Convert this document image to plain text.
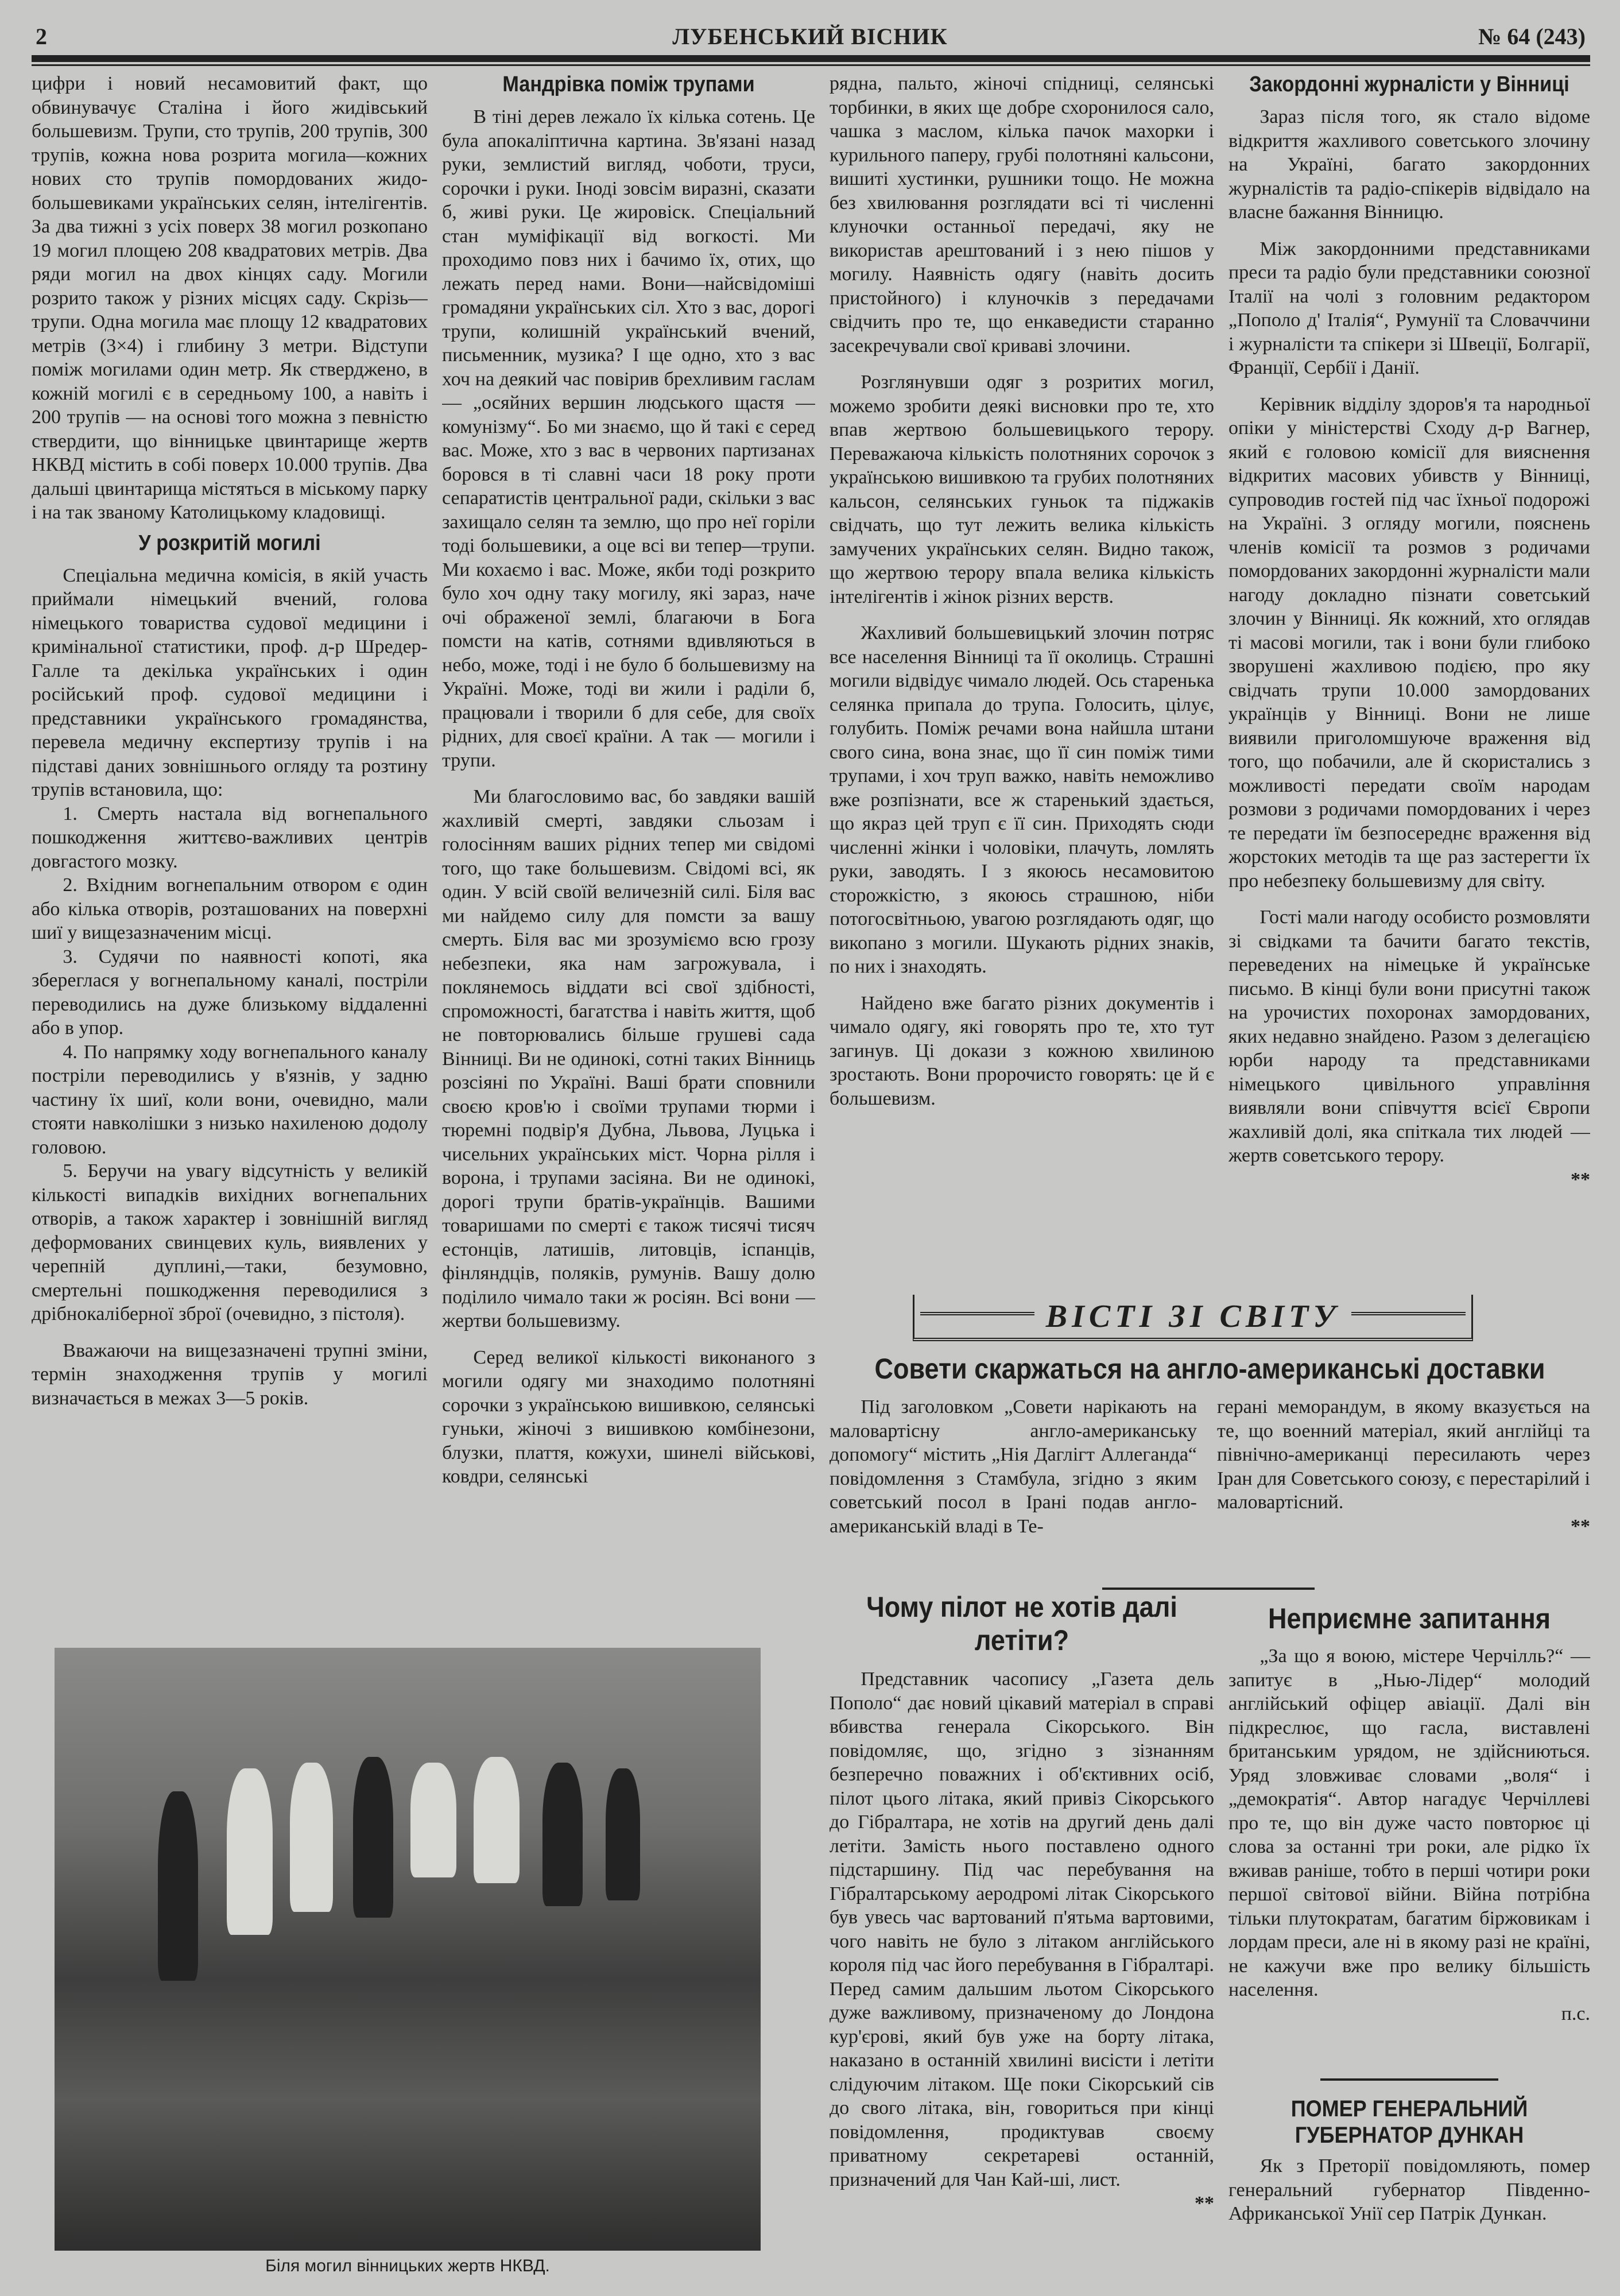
2	ЛУБЕНСЬКИЙ ВІСНИК	№ 64 (243)

цифри і новий несамовитий факт, що обвинувачує Сталіна і його жидівський большевизм. Трупи, сто трупів, 200 трупів, 300 трупів, кожна нова розрита могила—кожних нових сто трупів помордованих жидо-большевиками українських селян, інтелігентів. За два тижні з усіх поверх 38 могил розкопано 19 могил площею 208 квадратових метрів. Два ряди могил на двох кінцях саду. Могили розрито також у різних місцях саду. Скрізь—трупи. Одна могила має площу 12 квадратових метрів (3×4) і глибину 3 метри. Відступи поміж могилами один метр. Як стверджено, в кожній могилі є в середньому 100, а навіть і 200 трупів — на основі того можна з певністю ствердити, що вінницьке цвинтарище жертв НКВД містить в собі поверх 10.000 трупів. Два дальші цвинтарища містяться в міському парку і на так званому Католицькому кладовищі.

У розкритій могилі

Спеціальна медична комісія, в якій участь приймали німецький вчений, голова німецького товариства судової медицини і кримінальної статистики, проф. д-р Шредер-Галле та декілька українських і один російський проф. судової медицини і представники українського громадянства, перевела медичну експертизу трупів і на підставі даних зовнішнього огляду та розтину трупів встановила, що:

1. Смерть настала від вогнепального пошкодження життєво-важливих центрів довгастого мозку.

2. Вхідним вогнепальним отвором є один або кілька отворів, розташованих на поверхні шиї у вищезазначеним місці.

3. Судячи по наявності копоті, яка збереглася у вогнепальному каналі, постріли переводились на дуже близькому віддаленні або в упор.

4. По напрямку ходу вогнепального каналу постріли переводились у в'язнів, у задню частину їх шиї, коли вони, очевидно, мали стояти навколішки з низько нахиленою додолу головою.

5. Беручи на увагу відсутність у великій кількості випадків вихідних вогнепальних отворів, а також характер і зовнішній вигляд деформованих свинцевих куль, виявлених у черепній дуплині,—таки, безумовно, смертельні пошкодження переводилися з дрібнокаліберної зброї (очевидно, з пістоля).

Вважаючи на вищезазначені трупні зміни, термін знаходження трупів у могилі визначається в межах 3—5 років.

Мандрівка поміж трупами

В тіні дерев лежало їх кілька сотень. Це була апокаліптична картина. Зв'язані назад руки, землистий вигляд, чоботи, труси, сорочки і руки. Іноді зовсім виразні, сказати б, живі руки. Це жировіск. Спеціальний стан муміфікації від вогкості. Ми проходимо повз них і бачимо їх, отих, що лежать перед нами. Вони—найсвідоміші громадяни українських сіл. Хто з вас, дорогі трупи, колишній український вчений, письменник, музика? І ще одно, хто з вас хоч на деякий час повірив брехливим гаслам — „осяйних вершин людського щастя — комунізму“. Бо ми знаємо, що й такі є серед вас. Може, хто з вас в червоних партизанах боровся в ті славні часи 18 року проти сепаратистів центральної ради, скільки з вас захищало селян та землю, що про неї горіли тоді большевики, а оце всі ви тепер—трупи. Ми кохаємо і вас. Може, якби тоді розкрито було хоч одну таку могилу, які зараз, наче очі ображеної землі, благаючи в Бога помсти на катів, сотнями вдивляються в небо, може, тоді і не було б большевизму на Україні. Може, тоді ви жили і раділи б, працювали і творили б для себе, для своїх рідних, для своєї країни. А так — могили і трупи.

Ми благословимо вас, бо завдяки вашій жахливій смерті, завдяки сльозам і голосінням ваших рідних тепер ми свідомі того, що таке большевизм. Свідомі всі, як один. У всій своїй величезній силі. Біля вас ми найдемо силу для помсти за вашу смерть. Біля вас ми зрозуміємо всю грозу небезпеки, яка нам загрожувала, і поклянемось віддати всі свої здібності, спроможності, багатства і навіть життя, щоб не повторювались більше грушеві сада Вінниці. Ви не одинокі, сотні таких Вінниць розсіяні по Україні. Ваші брати сповнили своєю кров'ю і своїми трупами тюрми і тюремні подвір'я Дубна, Львова, Луцька і чисельних українських міст. Чорна рілля і ворона, і трупами засіяна. Ви не одинокі, дорогі трупи братів-українців. Вашими товаришами по смерті є також тисячі тисяч естонців, латишів, литовців, іспанців, фінляндців, поляків, румунів. Вашу долю поділило чимало таки ж росіян. Всі вони — жертви большевизму.

Серед великої кількості виконаного з могили одягу ми знаходимо полотняні сорочки з українською вишивкою, селянські гуньки, жіночі з вишивкою комбінезони, блузки, плаття, кожухи, шинелі військові, ковдри, селянські

рядна, пальто, жіночі спідниці, селянські торбинки, в яких ще добре схоронилося сало, чашка з маслом, кілька пачок махорки і курильного паперу, грубі полотняні кальсони, вишиті хустинки, рушники тощо. Не можна без хвилювання розглядати всі ті численні клуночки останньої передачі, яку не використав арештований і з нею пішов у могилу. Наявність одягу (навіть досить пристойного) і клуночків з передачами свідчить про те, що енкаведисти старанно засекречували свої криваві злочини.

Розглянувши одяг з розритих могил, можемо зробити деякі висновки про те, хто впав жертвою большевицького терору. Переважаюча кількість полотняних сорочок з українською вишивкою та грубих полотняних кальсон, селянських гуньок та піджаків свідчать, що тут лежить велика кількість замучених українських селян. Видно також, що жертвою терору впала велика кількість інтелігентів і жінок різних верств.

Жахливий большевицький злочин потряс все населення Вінниці та її околиць. Страшні могили відвідує чимало людей. Ось старенька селянка припала до трупа. Голосить, цілує, голубить. Поміж речами вона найшла штани свого сина, вона знає, що її син поміж тими трупами, і хоч труп важко, навіть неможливо вже розпізнати, все ж старенький здається, що якраз цей труп є її син. Приходять сюди численні жінки і чоловіки, плачуть, ломлять руки, заводять. І з якоюсь несамовитою сторожкістю, з якоюсь страшною, ніби потогосвітньою, увагою розглядають одяг, що викопано з могили. Шукають рідних знаків, по них і знаходять.

Найдено вже багато різних документів і чимало одягу, які говорять про те, хто тут загинув. Ці докази з кожною хвилиною зростають. Вони пророчисто говорять: це й є большевизм.

Закордонні журналісти у Вінниці

Зараз після того, як стало відоме відкриття жахливого советського злочину на Україні, багато закордонних журналістів та радіо-спікерів відвідало на власне бажання Вінницю.

Між закордонними представниками преси та радіо були представники союзної Італії на чолі з головним редактором „Пополо д' Італія“, Румунії та Словаччини і журналісти та спікери зі Швеції, Болгарії, Франції, Сербії і Данії.

Керівник відділу здоров'я та народньої опіки у міністерстві Сходу д-р Вагнер, який є головою комісії для вияснення відкритих масових убивств у Вінниці, супроводив гостей під час їхньої подорожі на Україні. З огляду могили, пояснень членів комісії та розмов з родичами помордованих закордонні журналісти мали нагоду докладно пізнати советський злочин у Вінниці. Як кожний, хто оглядав ті масові могили, так і вони були глибоко зворушені жахливою подією, про яку свідчать трупи 10.000 замордованих українців у Вінниці. Вони не лише виявили приголомшуюче враження від того, що побачили, але й скористались з можливості передати своїм народам розмови з родичами помордованих і через те передати їм безпосереднє враження від жорстоких методів та ще раз застерегти їх про небезпеку большевизму для світу.

Гості мали нагоду особисто розмовляти зі свідками та бачити багато текстів, переведених на німецьке й українське письмо. В кінці були вони присутні також на урочистих похоронах замордованих, яких недавно знайдено. Разом з делегацією юрби народу та представниками німецького цивільного управління виявляли вони співчуття всієї Європи жахливій долі, яка спіткала тих людей — жертв советського терору.

**
ВІСТІ ЗІ СВІТУ
Совети скаржаться на англо-американські доставки

Під заголовком „Совети нарікають на маловартісну англо-американську допомогу“ містить „Нія Даглігт Аллеганда“ повідомлення з Стамбула, згідно з яким советський посол в Ірані подав англо-американській владі в Те-

герані меморандум, в якому вказується на те, що военний матеріал, який англійці та північно-американці пересилають через Іран для Советського союзу, є перестарілий і маловартісний.

**
Біля могил вінницьких жертв НКВД.
Чому пілот не хотів далі летіти?

Представник часопису „Газета дель Пополо“ дає новий цікавий матеріал в справі вбивства генерала Сікорського. Він повідомляє, що, згідно з зізнанням безперечно поважних і об'єктивних осіб, пілот цього літака, який привіз Сікорського до Гібралтара, не хотів на другий день далі летіти. Замість нього поставлено одного підстаршину. Під час перебування на Гібралтарському аеродромі літак Сікорського був увесь час вартований п'ятьма вартовими, чого навіть не було з літаком англійського короля під час його перебування в Гібралтарі. Перед самим дальшим льотом Сікорського дуже важливому, призначеному до Лондона кур'єрові, який був уже на борту літака, наказано в останній хвилині висісти і летіти слідуючим літаком. Ще поки Сікорський сів до свого літака, він, говориться при кінці повідомлення, продиктував своєму приватному секретареві останній, призначений для Чан Кай-ші, лист.

**
Неприємне запитання

„За що я воюю, містере Черчілль?“ — запитує в „Нью-Лідер“ молодий англійський офіцер авіації. Далі він підкреслює, що гасла, виставлені британським урядом, не здійсниються. Уряд зловживає словами „воля“ і „демократія“. Автор нагадує Черчіллеві про те, що він дуже часто повторює ці слова за останні три роки, але рідко їх вживав раніше, тобто в перші чотири роки першої світової війни. Війна потрібна тільки плутократам, багатим біржовикам і лордам преси, але ні в якому разі не країні, не кажучи вже про велику більшість населення.

п.с.
ПОМЕР ГЕНЕРАЛЬНИЙ ГУБЕРНАТОР ДУНКАН

Як з Преторії повідомляють, помер генеральний губернатор Південно-Африканської Унії сер Патрік Дункан.
